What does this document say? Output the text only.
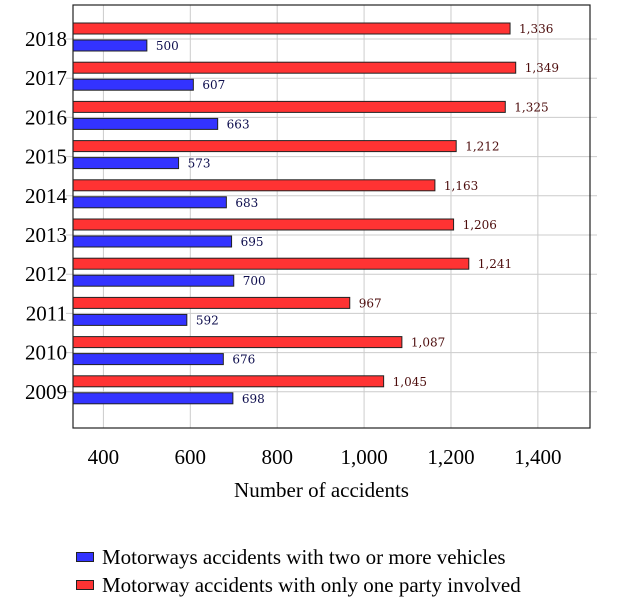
400	600	800 1,000 1,200 1,400
2009
2010
2011
2012
2013
2014
2015
2016
2017
2018
1,045
1,087
967
1,241
1,206
1,163
1,212
1,325
1,349
1,336
698
676
592
700
695
683
573
663
607
500
Number of accidents
Motorways accidents with two or more vehicles
Motorway accidents with only one party involved
